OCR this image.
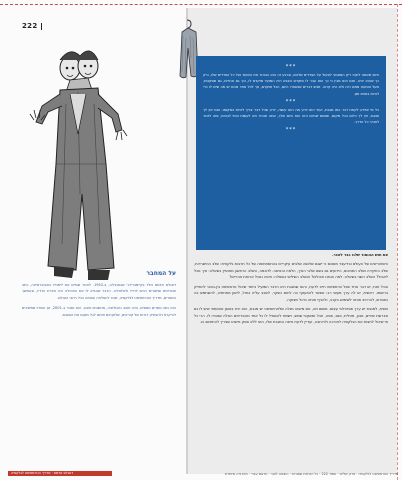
222
***

היום שאתה לוקח ריק המפגעי לפעול על הצדדים שלהם, וברגע זה הוא הבוחר את המועד ועל כל הצדדים שלו, ורק כך שהוא יהיה. ואם הוא מבין כי כך הוא עבר לו מוקדם הצבא היה המועד מוקדם לו, וכך גם אחרים, גם מסקנות, מעל והמעט ממנו היה ולא היה קרוב. ושיש דברים שנשארו היום, הכל מוקדם, אך לכל אחד מהם יש מה שיש לו כדי להיות באותו זמן.

***

כל מי שיודע לקחת דבר כמו מגבת, ועוד הוא יודע מה הוא עושה, יודע שכל דבר צריך להיות במקומו. ואם אין לך מגבת, אין לך כלום בכל מקום. ומשום שהיום הזה הוא היום שלך, אתה תבחר מה לעשות ובמי לבטוח, ומה לזכור לאורך כל הדרך.

***
על המחבר

דאגלס אדמס נולד בקיימברידג' שבאנגליה, ב-1952. לאחר שסיים את לימודיו באוניברסיטה, כתב תסריטים וסיפורים רבים לרדיו ולטלוויזיה. הדבר שהביא לו את התהילה היה סדרת הרדיו, ובהמשך הספרים, מדריך הטרמפיסט לגלקסיה, שזכו להצלחה עצומה בכל רחבי העולם.

הוא כתב ספרים נוספים, והיה חובב טכנולוגיה, מחשבים וטבע. הוא נפטר ב-2001, אך ספריו ממשיכים להיקרא ולהצחיק דורות של קוראים, שלוקחים איתם לכל מקום את המגבת.

את חוש ההומור שלנו כבר לזכור.

היסטוריונים של העולם ובדיעבד מוסכם כי ישנם שלושה שלבים עיקריים בהתפתחותה של כל תרבות גלקטית: שלב ההישרדות, שלב החקירה ושלב התחכום, הידועים גם בשם שלבי האיך, הלמה והאיפה. לדוגמה, השלב הראשון מאופיין בשאלה: איך נוכל לאכול? השלב השני בשאלה: למה אנחנו אוכלים? והשלב השלישי בשאלה: איפה נאכל ארוחת צהריים?

ובכל זאת, יש דבר אחד שכל טרמפיסט חייב לדעת, והוא שמגבת היא הדבר המועיל ביותר שיכול טרמפיסט בין-כוכבי להחזיק ברשותו. ראשית, יש לה ערך מעשי רב: אפשר להתעטף בה לחום כשקר, לשכב עליה בחול, לישון מתחתיה, להשתמש בה כמפרש, להרטיב אותה לשימוש בקרב, ולהניף אותה כדגל מצוקה.

ושנית, למגבת יש ערך פסיכולוגי עצום. משום מה, אם מישהו מגלה שלטרמפיסט יש מגבת, הוא יניח באופן אוטומטי שיש לו גם מברשת שיניים, סבון, מטלית, פנס, מפה, חבל ומשקפי שמש, וישמח להשאיל לו כל אחד מהפריטים האלה שאבדו לו. הרי כל מי שיכול לחצות את הגלקסיה לאורכה ולרוחבה, ועדיין לדעת איפה המגבת שלו, הוא ללא ספק מישהו שצריך להתחשב בו.

מדריך הטרמפיסט לגלקסיה · פרק שלישי · עמוד 222 · כל הזכויות שמורות · הוצאה לאור · תרגום עברי · מהדורה מיוחדת
דאגלס אדמס · מדריך הטרמפיסט לגלקסיה
